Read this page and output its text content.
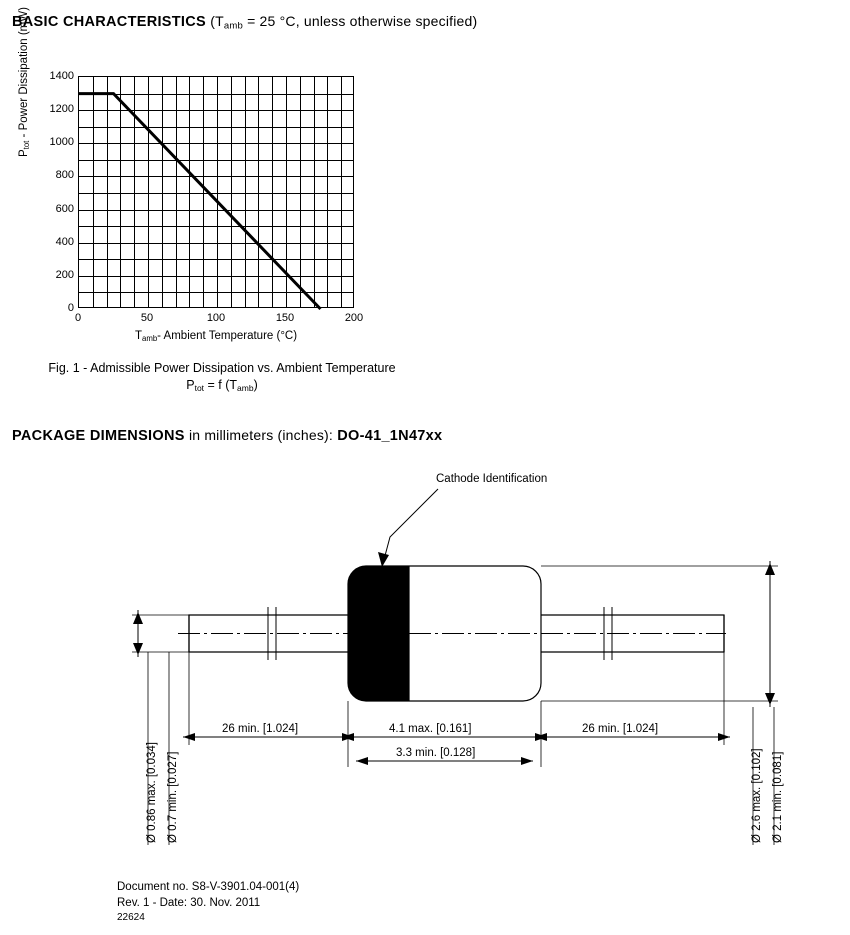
BASIC CHARACTERISTICS ($T_{amb} = 25$ °C, unless otherwise specified)
$P_{tot}$ - Power Dissipation (mW)
0
200
400
600
800
1000
1200
1400
0	50	100	150	200
$T_{amb}-$ Ambient Temperature (°C)
Fig. 1 - Admissible Power Dissipation vs. Ambient Temperature
$P_{tot} = f$ $(T_{amb})$
PACKAGE DIMENSIONS in millimeters (inches): DO-41_1N47xx
Cathode Identification
26 min. [1.024]	4.1 max. [0.161]
3.3 min. [0.128]
26 min. [1.024]
Ø 0.86 max. [0.034] Ø 0.7 min. [0.027]	Ø 2.6 max. [0.102] Ø 2.1 min. [0.081]
Document no. S8-V-3901.04-001(4)
Rev. 1 - Date: 30. Nov. 2011
22624
